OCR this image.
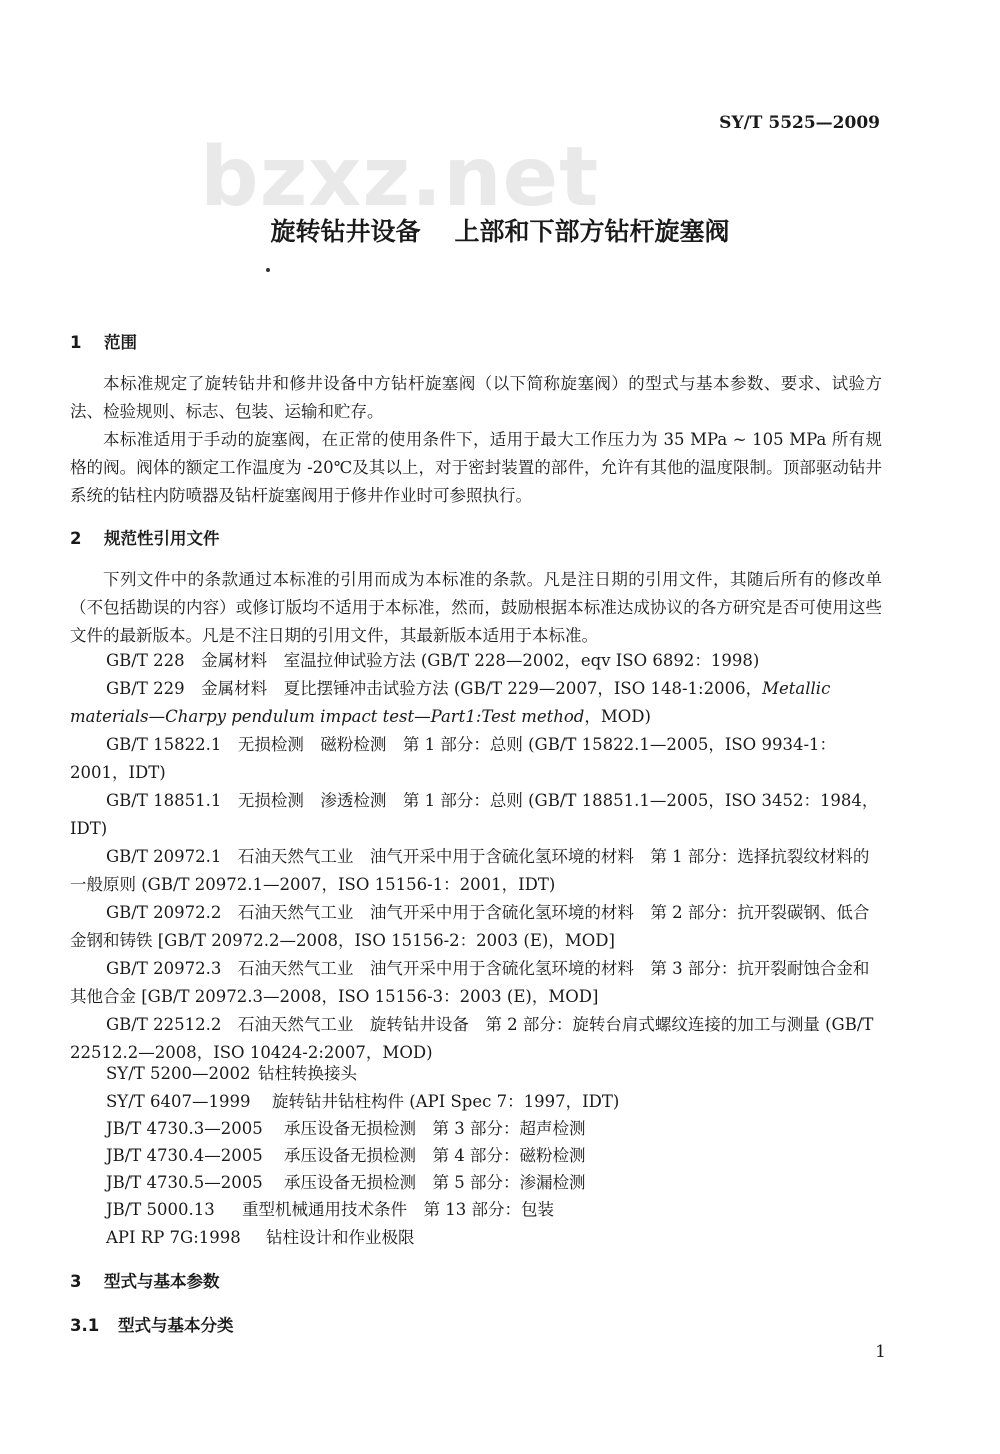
bzxz.net
SY/T 5525—2009
旋转钻井设备 上部和下部方钻杆旋塞阀
1 范围

本标准规定了旋转钻井和修井设备中方钻杆旋塞阀（以下简称旋塞阀）的型式与基本参数、要求、试验方法、检验规则、标志、包装、运输和贮存。

本标准适用于手动的旋塞阀，在正常的使用条件下，适用于最大工作压力为 35 MPa ~ 105 MPa 所有规格的阀。阀体的额定工作温度为 -20℃及其以上，对于密封装置的部件，允许有其他的温度限制。顶部驱动钻井系统的钻柱内防喷器及钻杆旋塞阀用于修井作业时可参照执行。

2 规范性引用文件

下列文件中的条款通过本标准的引用而成为本标准的条款。凡是注日期的引用文件，其随后所有的修改单（不包括勘误的内容）或修订版均不适用于本标准，然而，鼓励根据本标准达成协议的各方研究是否可使用这些文件的最新版本。凡是不注日期的引用文件，其最新版本适用于本标准。

GB/T 228　金属材料　室温拉伸试验方法 (GB/T 228—2002，eqv ISO 6892：1998)
GB/T 229　金属材料　夏比摆锤冲击试验方法 (GB/T 229—2007，ISO 148-1:2006，Metallic materials—Charpy pendulum impact test—Part1:Test method，MOD)
GB/T 15822.1　无损检测　磁粉检测　第 1 部分：总则 (GB/T 15822.1—2005，ISO 9934-1：2001，IDT)
GB/T 18851.1　无损检测　渗透检测　第 1 部分：总则 (GB/T 18851.1—2005，ISO 3452：1984，IDT)
GB/T 20972.1　石油天然气工业　油气开采中用于含硫化氢环境的材料　第 1 部分：选择抗裂纹材料的一般原则 (GB/T 20972.1—2007，ISO 15156-1：2001，IDT)
GB/T 20972.2　石油天然气工业　油气开采中用于含硫化氢环境的材料　第 2 部分：抗开裂碳钢、低合金钢和铸铁 [GB/T 20972.2—2008，ISO 15156-2：2003 (E)，MOD]
GB/T 20972.3　石油天然气工业　油气开采中用于含硫化氢环境的材料　第 3 部分：抗开裂耐蚀合金和其他合金 [GB/T 20972.3—2008，ISO 15156-3：2003 (E)，MOD]
GB/T 22512.2　石油天然气工业　旋转钻井设备　第 2 部分：旋转台肩式螺纹连接的加工与测量 (GB/T 22512.2—2008，ISO 10424-2:2007，MOD)
SY/T 5200—2002 钻柱转换接头
SY/T 6407—1999 旋转钻井钻柱构件 (API Spec 7：1997，IDT)
JB/T 4730.3—2005 承压设备无损检测　第 3 部分：超声检测
JB/T 4730.4—2005 承压设备无损检测　第 4 部分：磁粉检测
JB/T 4730.5—2005 承压设备无损检测　第 5 部分：渗漏检测
JB/T 5000.13 重型机械通用技术条件　第 13 部分：包装
API RP 7G:1998 钻柱设计和作业极限
3 型式与基本参数
3.1 型式与基本分类
1
